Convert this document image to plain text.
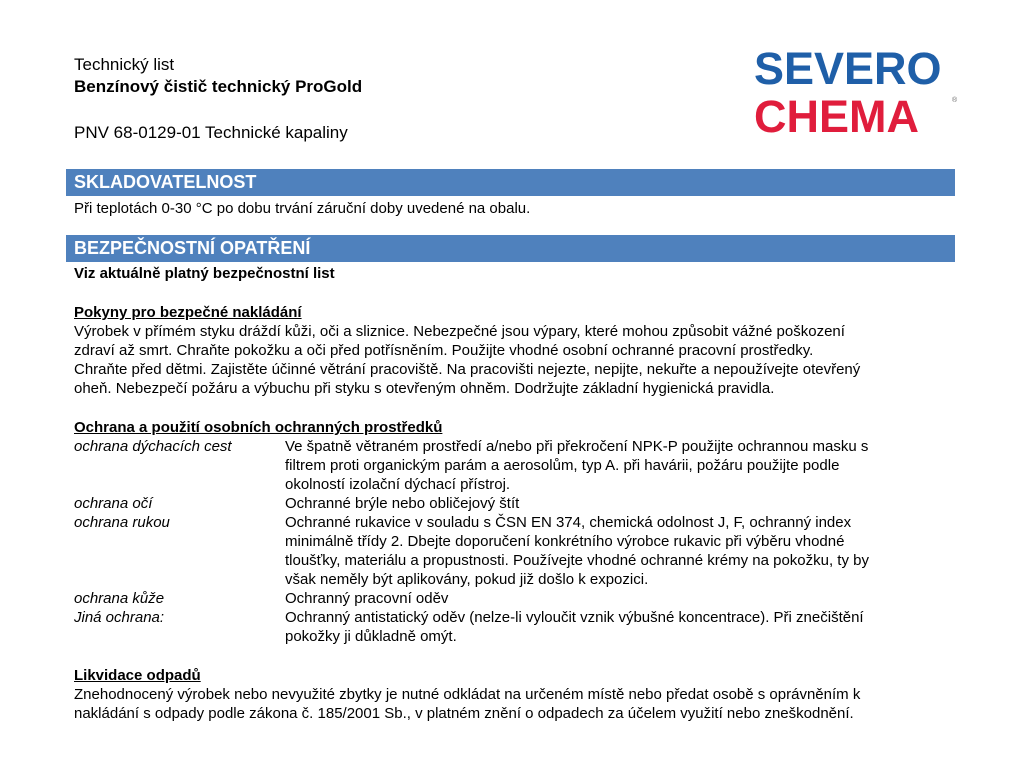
Technický list
Benzínový čistič technický ProGold
PNV 68-0129-01 Technické kapaliny
SEVERO
CHEMA	®
SKLADOVATELNOST
Při teplotách 0-30 °C po dobu trvání záruční doby uvedené na obalu.
BEZPEČNOSTNÍ OPATŘENÍ
Viz aktuálně platný bezpečnostní list
Pokyny pro bezpečné nakládání
Výrobek v přímém styku dráždí kůži, oči a sliznice. Nebezpečné jsou výpary, které mohou způsobit vážné poškození
zdraví až smrt. Chraňte pokožku a oči před potřísněním. Použijte vhodné osobní ochranné pracovní prostředky.
Chraňte před dětmi. Zajistěte účinné větrání pracoviště. Na pracovišti nejezte, nepijte, nekuřte a nepoužívejte otevřený
oheň. Nebezpečí požáru a výbuchu při styku s otevřeným ohněm. Dodržujte základní hygienická pravidla.
Ochrana a použití osobních ochranných prostředků
ochrana dýchacích cest	Ve špatně větraném prostředí a/nebo při překročení NPK-P použijte ochrannou masku s
filtrem proti organickým parám a aerosolům, typ A. při havárii, požáru použijte podle
okolností izolační dýchací přístroj.
ochrana očí	Ochranné brýle nebo obličejový štít
ochrana rukou	Ochranné rukavice v souladu s ČSN EN 374, chemická odolnost J, F, ochranný index
minimálně třídy 2. Dbejte doporučení konkrétního výrobce rukavic při výběru vhodné
tloušťky, materiálu a propustnosti. Používejte vhodné ochranné krémy na pokožku, ty by
však neměly být aplikovány, pokud již došlo k expozici.
ochrana kůže	Ochranný pracovní oděv
Jiná ochrana:	Ochranný antistatický oděv (nelze-li vyloučit vznik výbušné koncentrace). Při znečištění
pokožky ji důkladně omýt.
Likvidace odpadů
Znehodnocený výrobek nebo nevyužité zbytky je nutné odkládat na určeném místě nebo předat osobě s oprávněním k
nakládání s odpady podle zákona č. 185/2001 Sb., v platném znění o odpadech za účelem využití nebo zneškodnění.
